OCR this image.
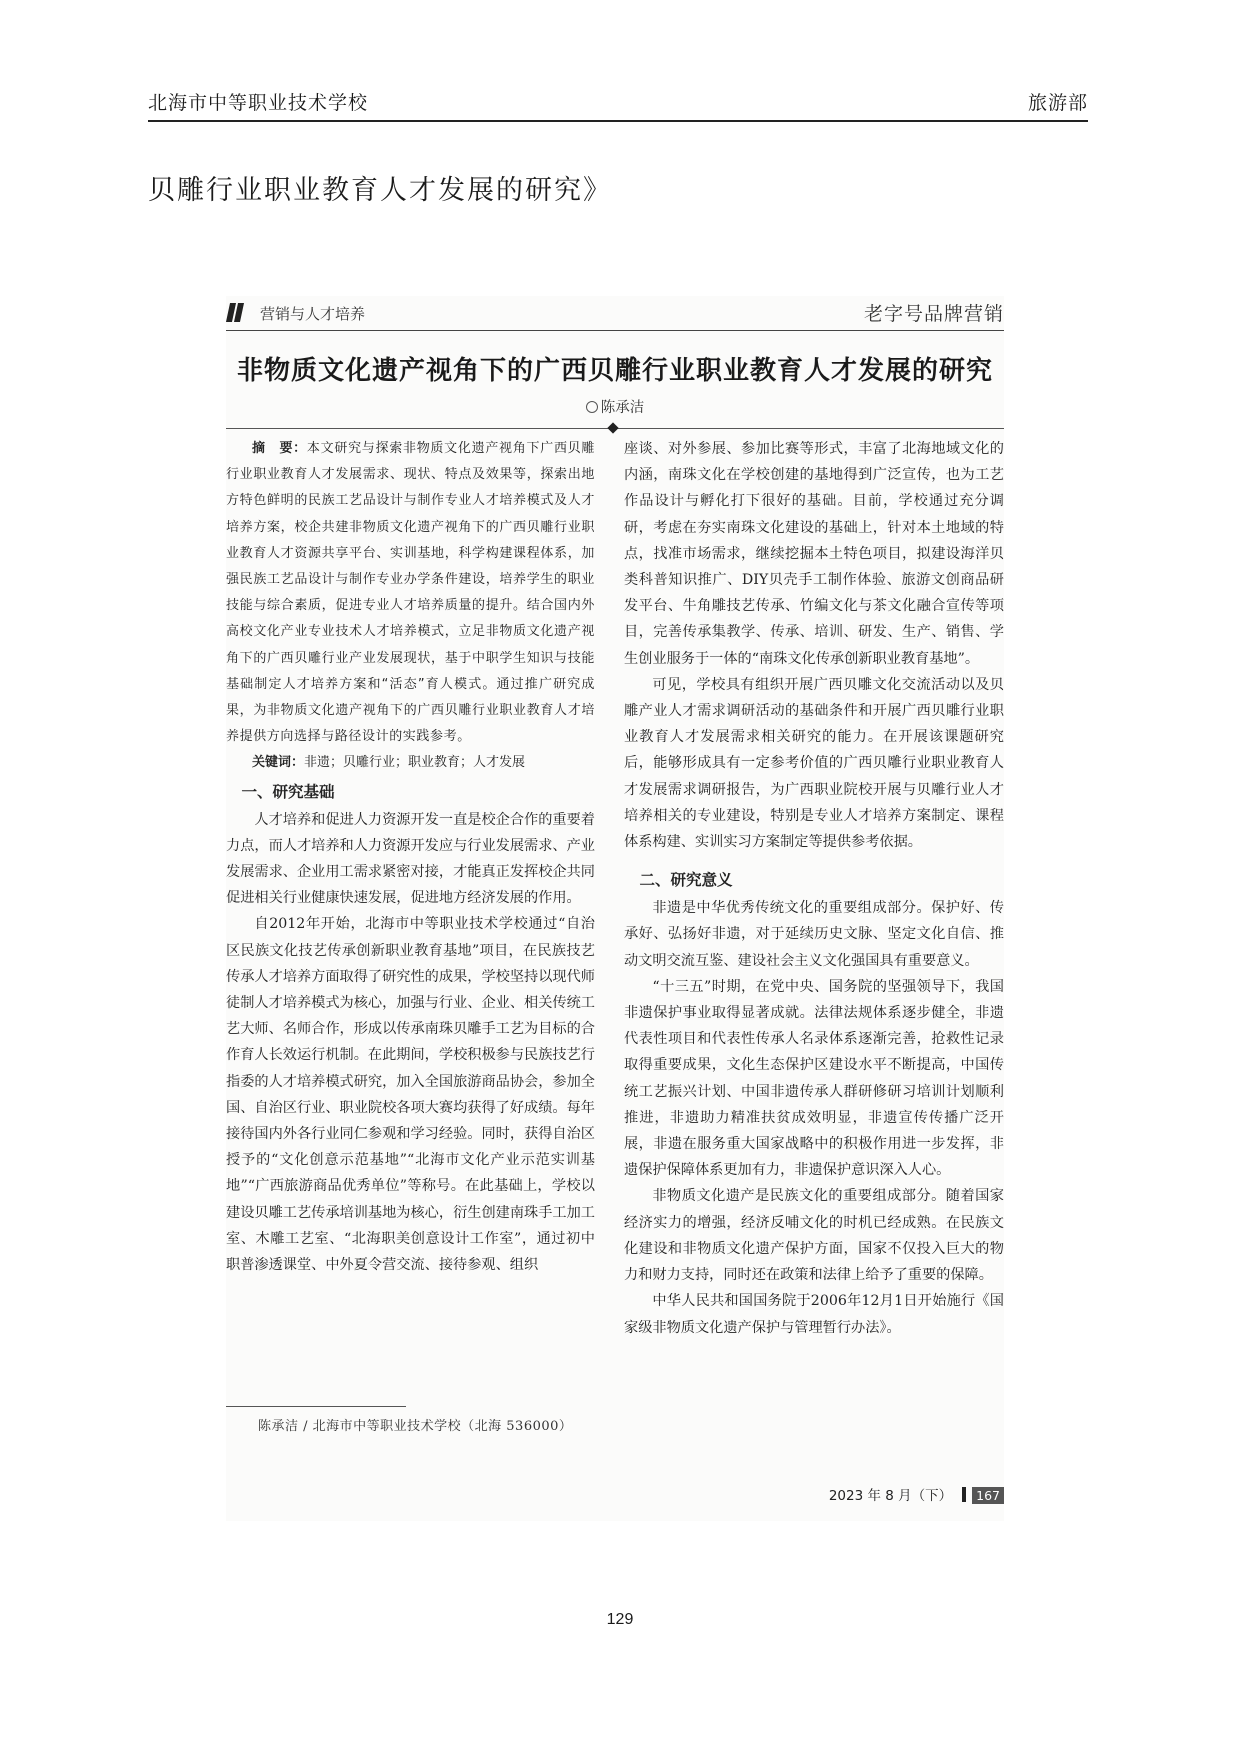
北海市中等职业技术学校	旅游部
贝雕行业职业教育人才发展的研究》
营销与人才培养	老字号品牌营销
非物质文化遗产视角下的广西贝雕行业职业教育人才发展的研究
陈承洁

摘　要：本文研究与探索非物质文化遗产视角下广西贝雕行业职业教育人才发展需求、现状、特点及效果等，探索出地方特色鲜明的民族工艺品设计与制作专业人才培养模式及人才培养方案，校企共建非物质文化遗产视角下的广西贝雕行业职业教育人才资源共享平台、实训基地，科学构建课程体系，加强民族工艺品设计与制作专业办学条件建设，培养学生的职业技能与综合素质，促进专业人才培养质量的提升。结合国内外高校文化产业专业技术人才培养模式，立足非物质文化遗产视角下的广西贝雕行业产业发展现状，基于中职学生知识与技能基础制定人才培养方案和“活态”育人模式。通过推广研究成果，为非物质文化遗产视角下的广西贝雕行业职业教育人才培养提供方向选择与路径设计的实践参考。

关键词：非遗；贝雕行业；职业教育；人才发展

一、研究基础

人才培养和促进人力资源开发一直是校企合作的重要着力点，而人才培养和人力资源开发应与行业发展需求、产业发展需求、企业用工需求紧密对接，才能真正发挥校企共同促进相关行业健康快速发展，促进地方经济发展的作用。

自2012年开始，北海市中等职业技术学校通过“自治区民族文化技艺传承创新职业教育基地”项目，在民族技艺传承人才培养方面取得了研究性的成果，学校坚持以现代师徒制人才培养模式为核心，加强与行业、企业、相关传统工艺大师、名师合作，形成以传承南珠贝雕手工艺为目标的合作育人长效运行机制。在此期间，学校积极参与民族技艺行指委的人才培养模式研究，加入全国旅游商品协会，参加全国、自治区行业、职业院校各项大赛均获得了好成绩。每年接待国内外各行业同仁参观和学习经验。同时，获得自治区授予的“文化创意示范基地”“北海市文化产业示范实训基地”“广西旅游商品优秀单位”等称号。在此基础上，学校以建设贝雕工艺传承培训基地为核心，衍生创建南珠手工加工室、木雕工艺室、“北海职美创意设计工作室”，通过初中职普渗透课堂、中外夏令营交流、接待参观、组织

座谈、对外参展、参加比赛等形式，丰富了北海地域文化的内涵，南珠文化在学校创建的基地得到广泛宣传，也为工艺作品设计与孵化打下很好的基础。目前，学校通过充分调研，考虑在夯实南珠文化建设的基础上，针对本土地域的特点，找准市场需求，继续挖掘本土特色项目，拟建设海洋贝类科普知识推广、DIY贝壳手工制作体验、旅游文创商品研发平台、牛角雕技艺传承、竹编文化与茶文化融合宣传等项目，完善传承集教学、传承、培训、研发、生产、销售、学生创业服务于一体的“南珠文化传承创新职业教育基地”。

可见，学校具有组织开展广西贝雕文化交流活动以及贝雕产业人才需求调研活动的基础条件和开展广西贝雕行业职业教育人才发展需求相关研究的能力。在开展该课题研究后，能够形成具有一定参考价值的广西贝雕行业职业教育人才发展需求调研报告，为广西职业院校开展与贝雕行业人才培养相关的专业建设，特别是专业人才培养方案制定、课程体系构建、实训实习方案制定等提供参考依据。

二、研究意义

非遗是中华优秀传统文化的重要组成部分。保护好、传承好、弘扬好非遗，对于延续历史文脉、坚定文化自信、推动文明交流互鉴、建设社会主义文化强国具有重要意义。

“十三五”时期，在党中央、国务院的坚强领导下，我国非遗保护事业取得显著成就。法律法规体系逐步健全，非遗代表性项目和代表性传承人名录体系逐渐完善，抢救性记录取得重要成果，文化生态保护区建设水平不断提高，中国传统工艺振兴计划、中国非遗传承人群研修研习培训计划顺利推进，非遗助力精准扶贫成效明显，非遗宣传传播广泛开展，非遗在服务重大国家战略中的积极作用进一步发挥，非遗保护保障体系更加有力，非遗保护意识深入人心。

非物质文化遗产是民族文化的重要组成部分。随着国家经济实力的增强，经济反哺文化的时机已经成熟。在民族文化建设和非物质文化遗产保护方面，国家不仅投入巨大的物力和财力支持，同时还在政策和法律上给予了重要的保障。

中华人民共和国国务院于2006年12月1日开始施行《国家级非物质文化遗产保护与管理暂行办法》。

陈承洁 / 北海市中等职业技术学校（北海 536000）
2023 年 8 月（下） 167
129
